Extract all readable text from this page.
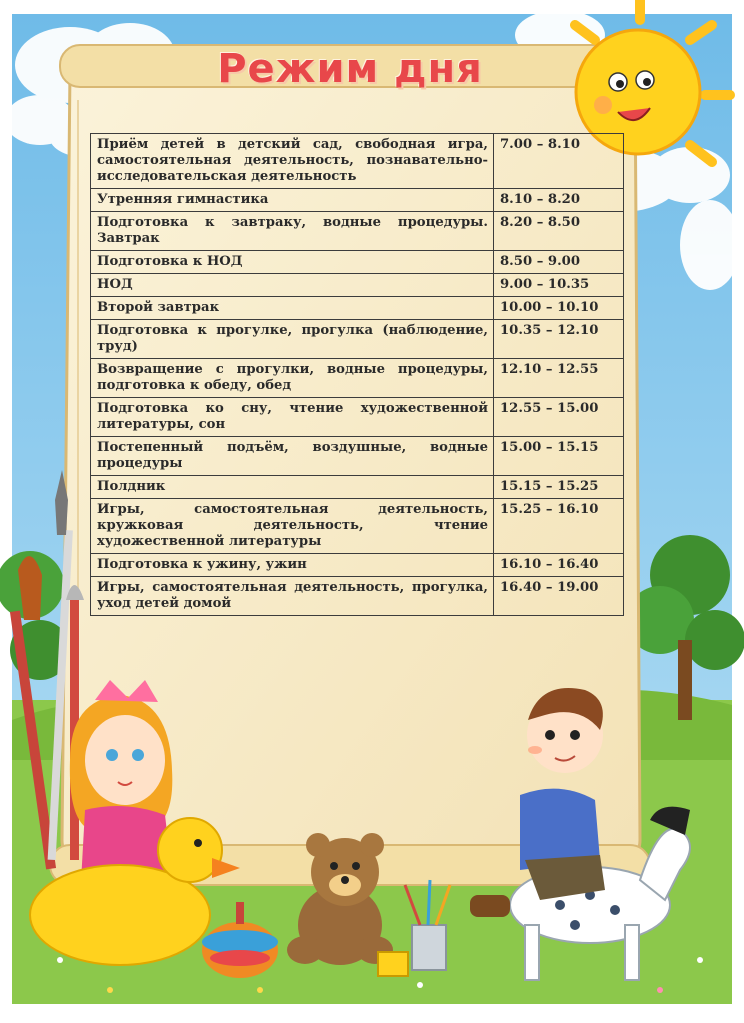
Режим дня
Приём детей в детский сад, свободная игра, самостоятельная деятельность, познавательно-исследовательская деятельность	7.00 – 8.10
Утренняя гимнастика	8.10 – 8.20
Подготовка к завтраку, водные процедуры. Завтрак	8.20 – 8.50
Подготовка к НОД	8.50 – 9.00
НОД	9.00 – 10.35
Второй завтрак	10.00 – 10.10
Подготовка к прогулке, прогулка (наблюдение, труд)	10.35 – 12.10
Возвращение с прогулки, водные процедуры, подготовка к обеду, обед	12.10 – 12.55
Подготовка ко сну, чтение художественной литературы, сон	12.55 – 15.00
Постепенный подъём, воздушные, водные процедуры	15.00 – 15.15
Полдник	15.15 – 15.25
Игры, самостоятельная деятельность, кружковая деятельность, чтение художественной литературы	15.25 – 16.10
Подготовка к ужину, ужин	16.10 – 16.40
Игры, самостоятельная деятельность, прогулка, уход детей домой	16.40 – 19.00
